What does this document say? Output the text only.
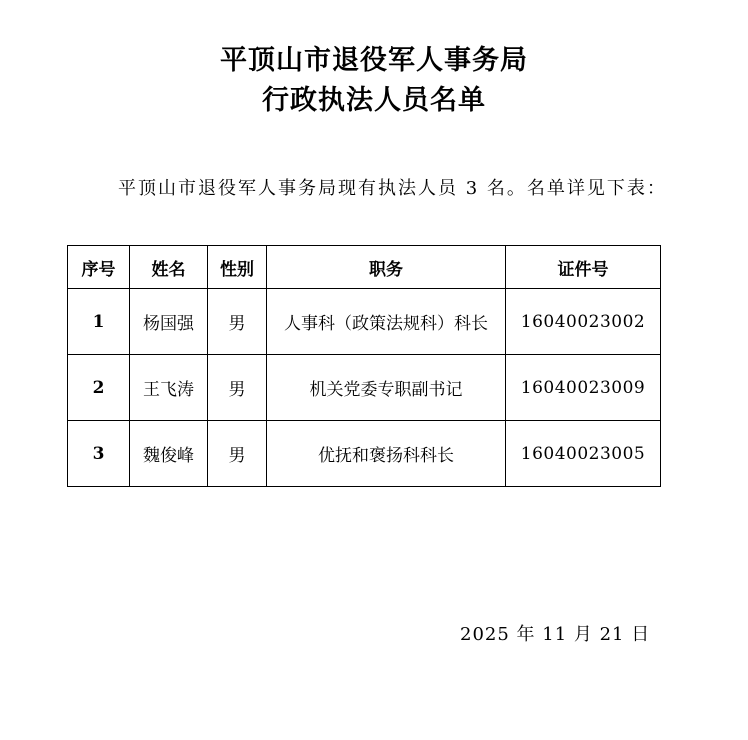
平顶山市退役军人事务局
行政执法人员名单
平顶山市退役军人事务局现有执法人员 3 名。名单详见下表：
序号	姓名	性别	职务	证件号
1	杨国强	男	人事科（政策法规科）科长	16040023002
2	王飞涛	男	机关党委专职副书记	16040023009
3	魏俊峰	男	优抚和褒扬科科长	16040023005
2025 年 11 月 21 日
